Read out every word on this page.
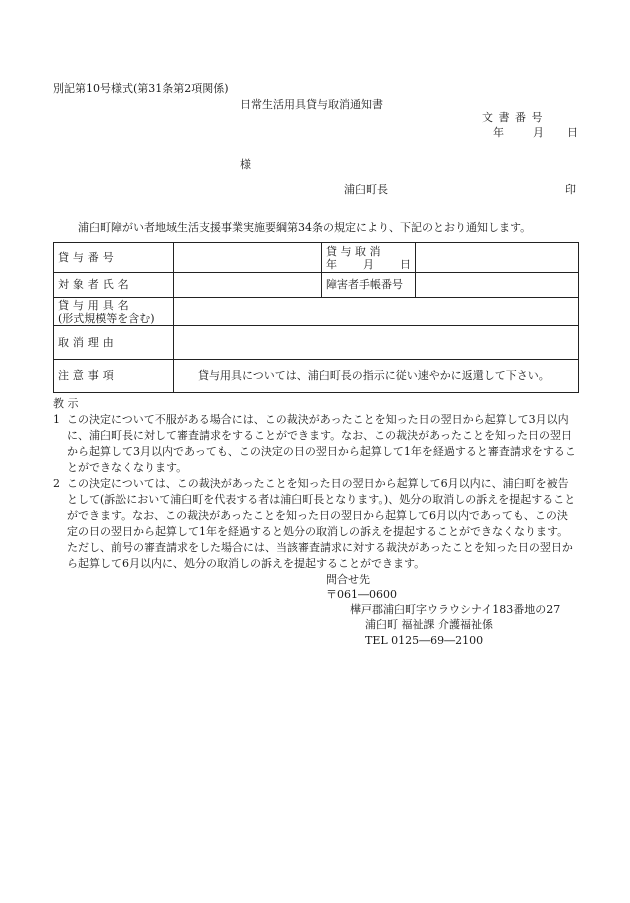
別記第10号様式(第31条第2項関係)
日常生活用具貸与取消通知書
文 書 番 号
年	月 日
様
浦臼町長	印
浦臼町障がい者地域生活支援事業実施要綱第34条の規定により、下記のとおり通知します。
貸 与 番 号		貸 与 取 消
年 月 日	

対 象 者 氏 名		障害者手帳番号	

貸 与 用 具 名
(形式規模等を含む)			

取 消 理 由			
注 意 事 項	貸与用具については、浦臼町長の指示に従い速やかに返還して下さい。		
教 示
1 この決定について不服がある場合には、この裁決があったことを知った日の翌日から起算して3月以内に、浦臼町長に対して審査請求をすることができます。なお、この裁決があったことを知った日の翌日から起算して3月以内であっても、この決定の日の翌日から起算して1年を経過すると審査請求をすることができなくなります。
2 この決定については、この裁決があったことを知った日の翌日から起算して6月以内に、浦臼町を被告として(訴訟において浦臼町を代表する者は浦臼町長となります。)、処分の取消しの訴えを提起することができます。なお、この裁決があったことを知った日の翌日から起算して6月以内であっても、この決定の日の翌日から起算して1年を経過すると処分の取消しの訴えを提起することができなくなります。ただし、前号の審査請求をした場合には、当該審査請求に対する裁決があったことを知った日の翌日から起算して6月以内に、処分の取消しの訴えを提起することができます。
問合せ先
〒061―0600
樺戸郡浦臼町字ウラウシナイ183番地の27
浦臼町 福祉課 介護福祉係
TEL 0125―69―2100
